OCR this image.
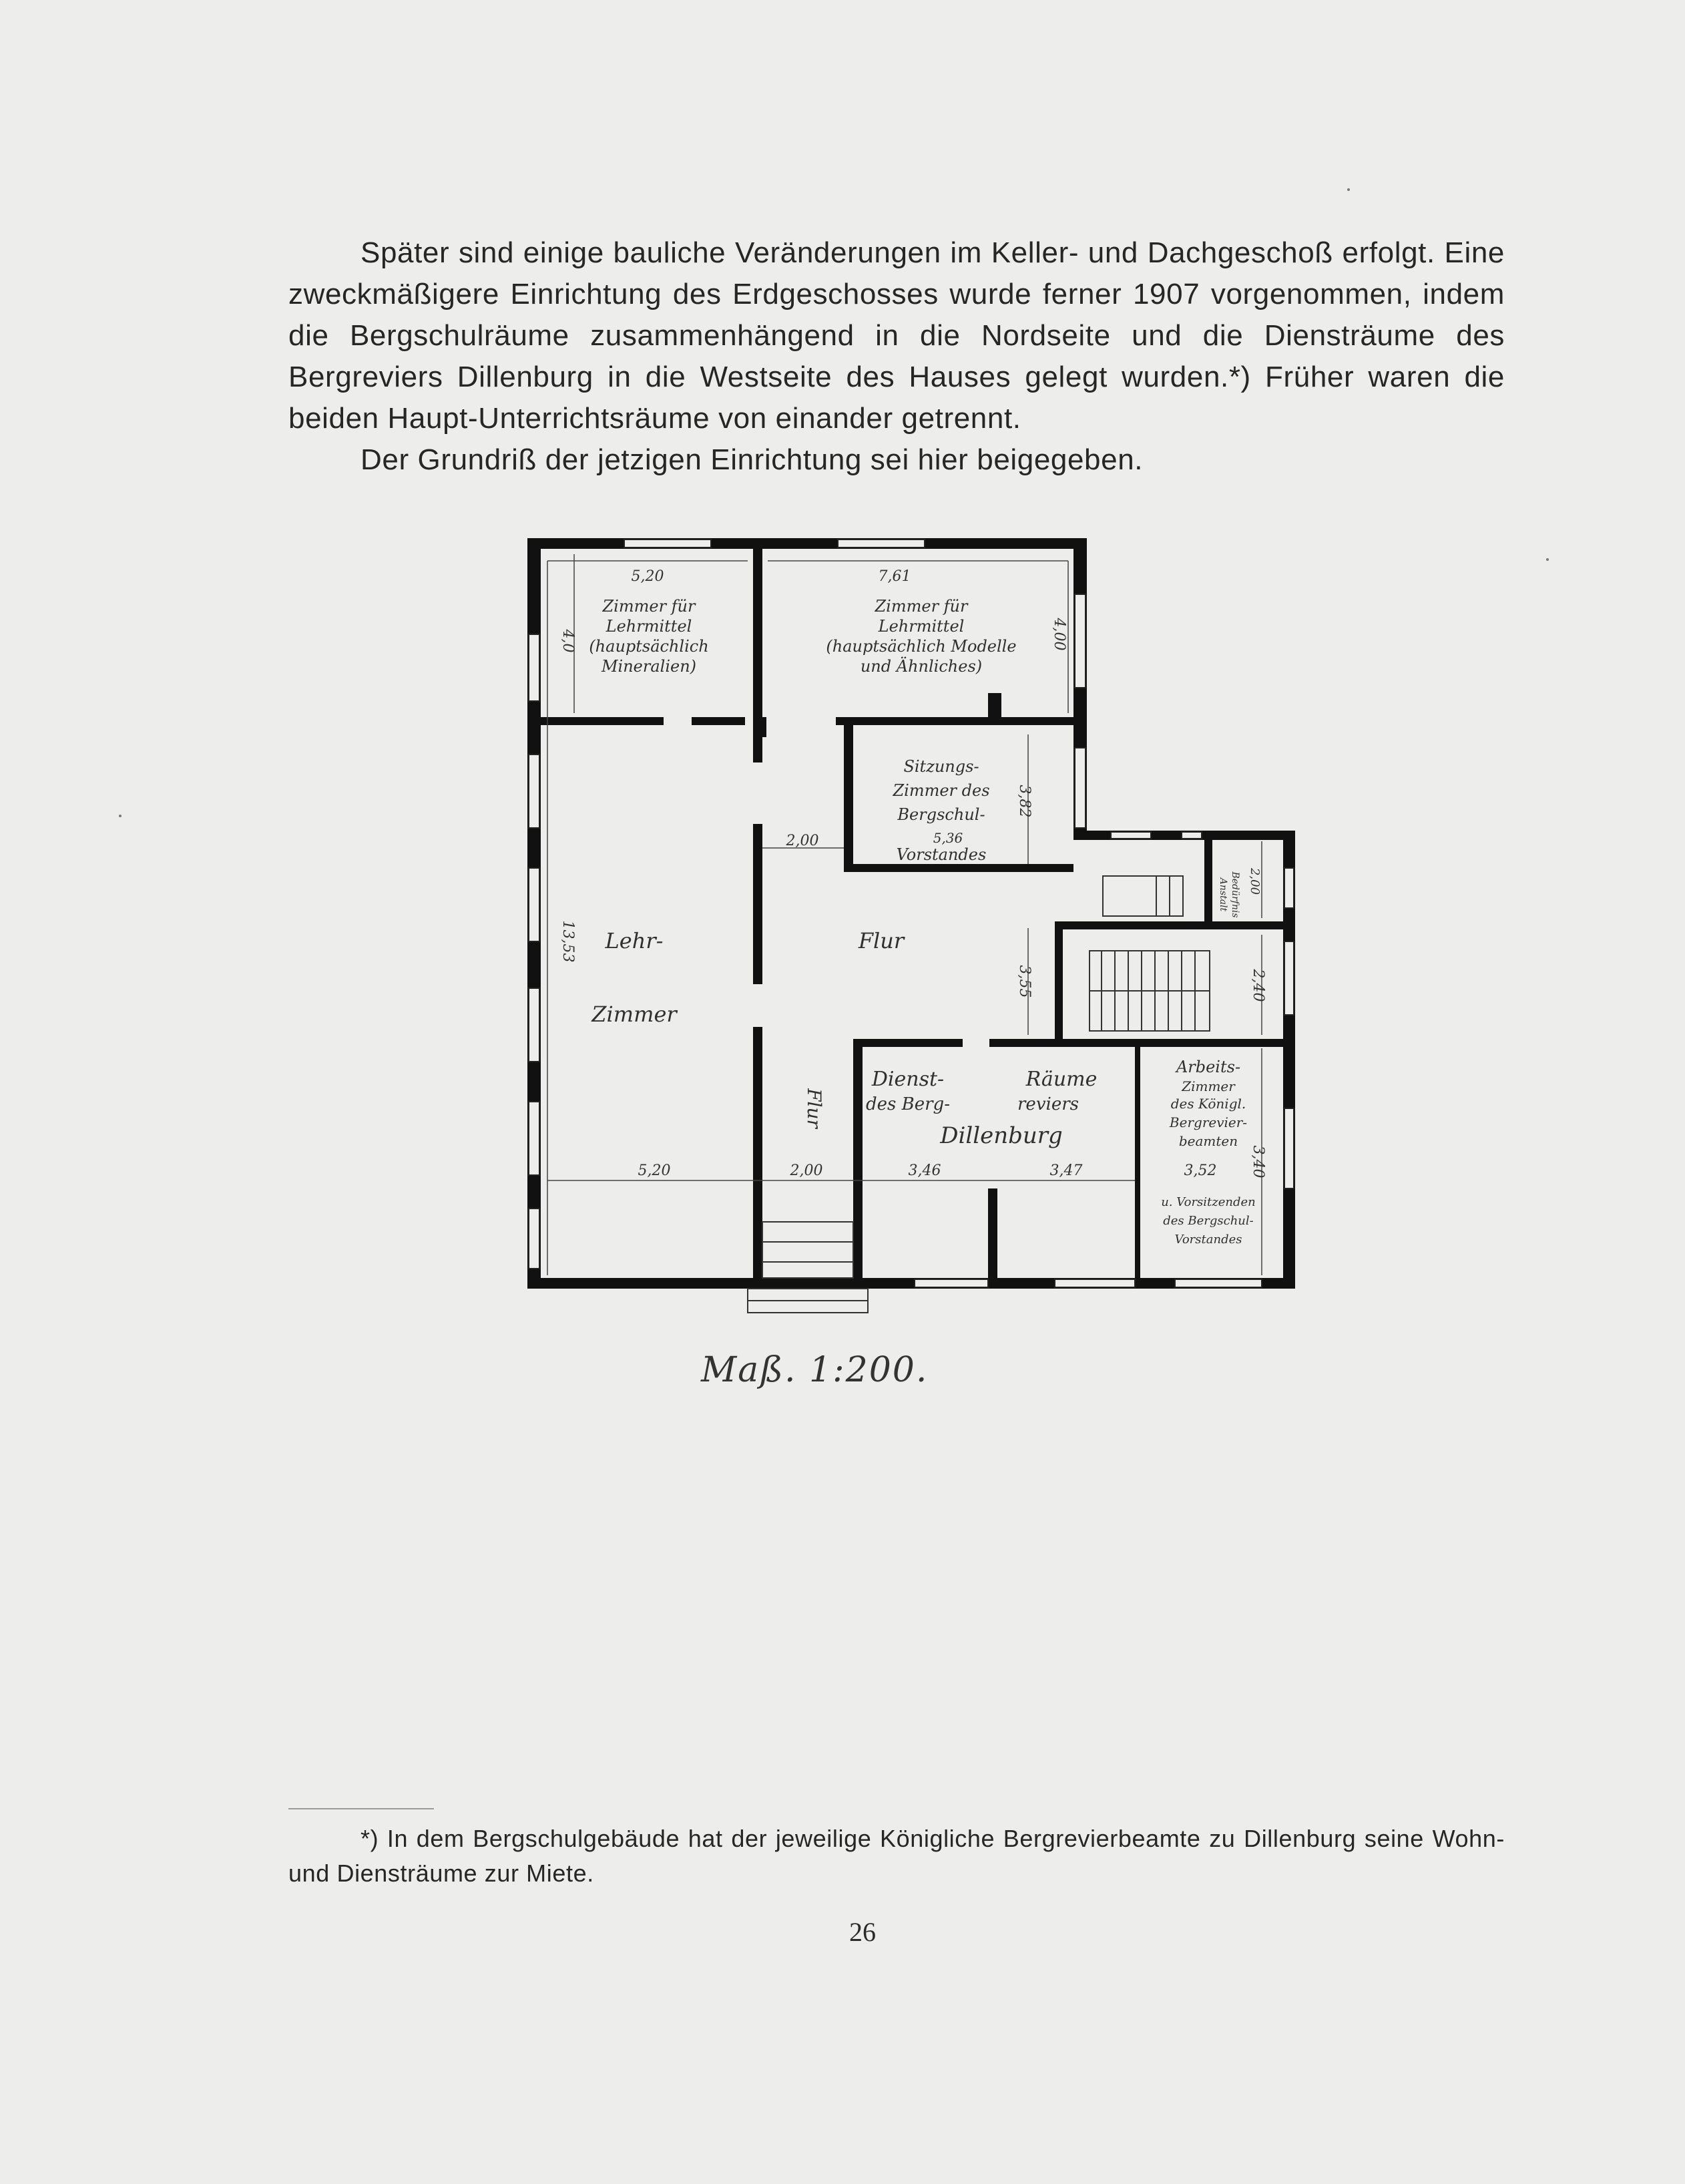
Später sind einige bauliche Veränderungen im Keller- und Dachgeschoß erfolgt. Eine zweckmäßigere Einrichtung des Erdgeschosses wurde ferner 1907 vorgenommen, indem die Bergschulräume zusammenhängend in die Nordseite und die Diensträume des Bergreviers Dillenburg in die Westseite des Hauses gelegt wurden.*) Früher waren die beiden Haupt-Unterrichtsräume von einander getrennt.

Der Grundriß der jetzigen Einrichtung sei hier beigegeben.

Zimmer für
Lehrmittel
(hauptsächlich
Mineralien)
Zimmer für
Lehrmittel
(hauptsächlich Modelle
und Ähnliches)
Sitzungs-
Zimmer des
Bergschul-
5,36
Vorstandes
Lehr-
Zimmer
Flur
Flur
Dienst-
des Berg-
Räume
reviers
Dillenburg
Arbeits-
Zimmer
des Königl.
Bergrevier-
beamten
u. Vorsitzenden
des Bergschul-
Vorstandes
Bedürfnis
Anstalt
5,20	7,61
4,0	4,00
3,82
2,00
13,53
3,55	2,40
2,00
5,20	2,00	3,46	3,47	3,52 3,40
Maß. 1:200.

*) In dem Bergschulgebäude hat der jeweilige Königliche Bergrevierbeamte zu Dillenburg seine Wohn- und Diensträume zur Miete.

26
